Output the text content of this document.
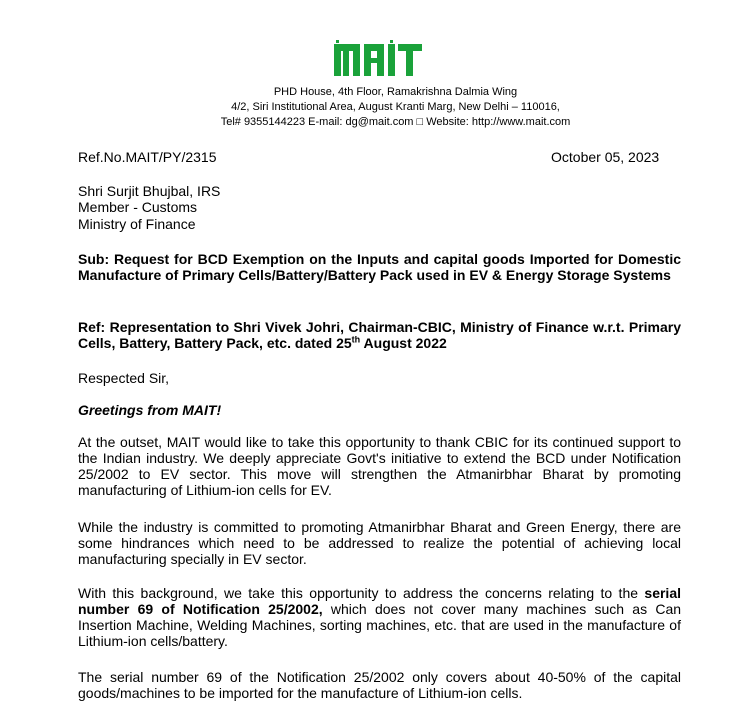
PHD House, 4th Floor, Ramakrishna Dalmia Wing
4/2, Siri Institutional Area, August Kranti Marg, New Delhi – 110016,
Tel# 9355144223 E-mail: dg@mait.com □ Website: http://www.mait.com
Ref.No.MAIT/PY/2315	October 05, 2023
Shri Surjit Bhujbal, IRS
Member - Customs
Ministry of Finance
Sub: Request for BCD Exemption on the Inputs and capital goods Imported for Domestic Manufacture of Primary Cells/Battery/Battery Pack used in EV & Energy Storage Systems
Ref: Representation to Shri Vivek Johri, Chairman-CBIC, Ministry of Finance w.r.t. Primary Cells, Battery, Battery Pack, etc. dated 25th August 2022
Respected Sir,
Greetings from MAIT!
At the outset, MAIT would like to take this opportunity to thank CBIC for its continued support to the Indian industry. We deeply appreciate Govt's initiative to extend the BCD under Notification 25/2002 to EV sector. This move will strengthen the Atmanirbhar Bharat by promoting manufacturing of Lithium-ion cells for EV.
While the industry is committed to promoting Atmanirbhar Bharat and Green Energy, there are some hindrances which need to be addressed to realize the potential of achieving local manufacturing specially in EV sector.
With this background, we take this opportunity to address the concerns relating to the serial number 69 of Notification 25/2002, which does not cover many machines such as Can Insertion Machine, Welding Machines, sorting machines, etc. that are used in the manufacture of Lithium-ion cells/battery.
The serial number 69 of the Notification 25/2002 only covers about 40-50% of the capital goods/machines to be imported for the manufacture of Lithium-ion cells.
